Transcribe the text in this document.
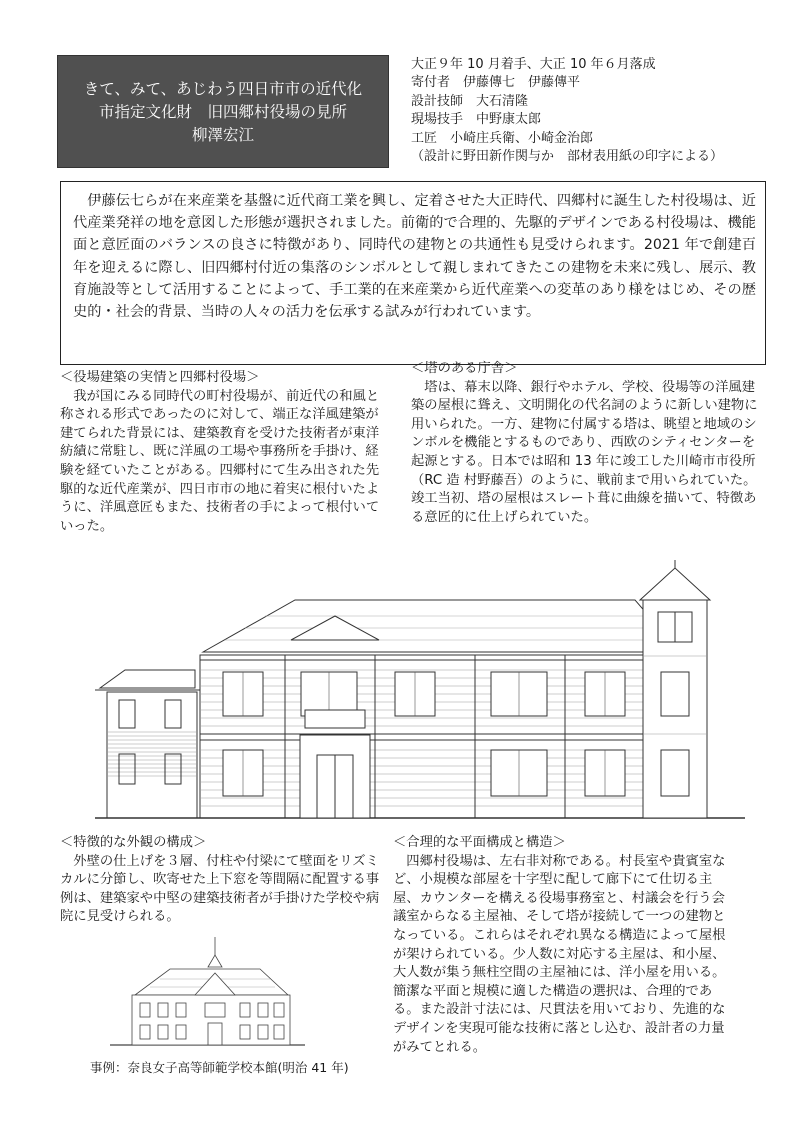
きて、みて、あじわう四日市市の近代化
市指定文化財　旧四郷村役場の見所
柳澤宏江
大正９年 10 月着手、大正 10 年６月落成
寄付者　伊藤傳七　伊藤傳平
設計技師　大石清隆
現場技手　中野康太郎
工匠　小崎庄兵衛、小崎金治郎
（設計に野田新作関与か　部材表用紙の印字による）
　伊藤伝七らが在来産業を基盤に近代商工業を興し、定着させた大正時代、四郷村に誕生した村役場は、近代産業発祥の地を意図した形態が選択されました。前衛的で合理的、先駆的デザインである村役場は、機能面と意匠面のバランスの良さに特徴があり、同時代の建物との共通性も見受けられます。2021 年で創建百年を迎えるに際し、旧四郷村付近の集落のシンボルとして親しまれてきたこの建物を未来に残し、展示、教育施設等として活用することによって、手工業的在来産業から近代産業への変革のあり様をはじめ、その歴史的・社会的背景、当時の人々の活力を伝承する試みが行われています。
＜役場建築の実情と四郷村役場＞
　我が国にみる同時代の町村役場が、前近代の和風と称される形式であったのに対して、端正な洋風建築が建てられた背景には、建築教育を受けた技術者が東洋紡績に常駐し、既に洋風の工場や事務所を手掛け、経験を経ていたことがある。四郷村にて生み出された先駆的な近代産業が、四日市市の地に着実に根付いたように、洋風意匠もまた、技術者の手によって根付いていった。
＜塔のある庁舎＞
　塔は、幕末以降、銀行やホテル、学校、役場等の洋風建築の屋根に聳え、文明開化の代名詞のように新しい建物に用いられた。一方、建物に付属する塔は、眺望と地域のシンボルを機能とするものであり、西欧のシティセンターを起源とする。日本では昭和 13 年に竣工した川崎市市役所（RC 造 村野藤吾）のように、戦前まで用いられていた。竣工当初、塔の屋根はスレート葺に曲線を描いて、特徴ある意匠的に仕上げられていた。
＜特徴的な外観の構成＞
　外壁の仕上げを３層、付柱や付梁にて壁面をリズミカルに分節し、吹寄せた上下窓を等間隔に配置する事例は、建築家や中堅の建築技術者が手掛けた学校や病院に見受けられる。
事例：奈良女子高等師範学校本館(明治 41 年)
＜合理的な平面構成と構造＞
　四郷村役場は、左右非対称である。村長室や貴賓室など、小規模な部屋を十字型に配して廊下にて仕切る主屋、カウンターを構える役場事務室と、村議会を行う会議室からなる主屋袖、そして塔が接続して一つの建物となっている。これらはそれぞれ異なる構造によって屋根が架けられている。少人数に対応する主屋は、和小屋、大人数が集う無柱空間の主屋袖には、洋小屋を用いる。簡潔な平面と規模に適した構造の選択は、合理的である。また設計寸法には、尺貫法を用いており、先進的なデザインを実現可能な技術に落とし込む、設計者の力量がみてとれる。
